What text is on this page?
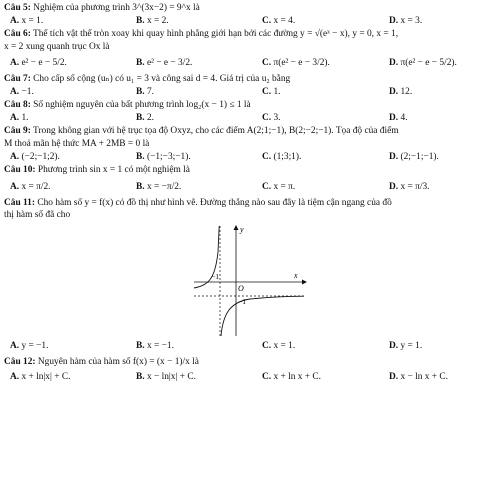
Câu 5: Nghiệm của phương trình 3^(3x−2) = 9^x là
A. x = 1.	B. x = 2.	C. x = 4.	D. x = 3.
Câu 6: Thể tích vật thể tròn xoay khi quay hình phẳng giới hạn bởi các đường y = √(eˣ − x), y = 0, x = 1,
x = 2 xung quanh trục Ox là
A. e² − e − 5/2.	B. e² − e − 3/2.	C. π(e² − e − 3/2).	D. π(e² − e − 5/2).
Câu 7: Cho cấp số cộng (uₙ) có u₁ = 3 và công sai d = 4. Giá trị của u₂ bằng
A. −1.	B. 7.	C. 1.	D. 12.
Câu 8: Số nghiệm nguyên của bất phương trình log₂(x − 1) ≤ 1 là
A. 1.	B. 2.	C. 3.	D. 4.
Câu 9: Trong không gian với hệ trục tọa độ Oxyz, cho các điểm A(2;1;−1), B(2;−2;−1). Tọa độ của điểm
M thoả mãn hệ thức MA + 2MB = 0 là
A. (−2;−1;2).	B. (−1;−3;−1).	C. (1;3;1).	D. (2;−1;−1).
Câu 10: Phương trình sin x = 1 có một nghiệm là
A. x = π/2.	B. x = −π/2.	C. x = π.	D. x = π/3.
Câu 11: Cho hàm số y = f(x) có đồ thị như hình vẽ. Đường thẳng nào sau đây là tiệm cận ngang của đồ
thị hàm số đã cho
y
x
O
−1
−1
A. y = −1.	B. x = −1.	C. x = 1.	D. y = 1.
Câu 12: Nguyên hàm của hàm số f(x) = (x − 1)/x là
A. x + ln|x| + C.	B. x − ln|x| + C.	C. x + ln x + C.	D. x − ln x + C.
